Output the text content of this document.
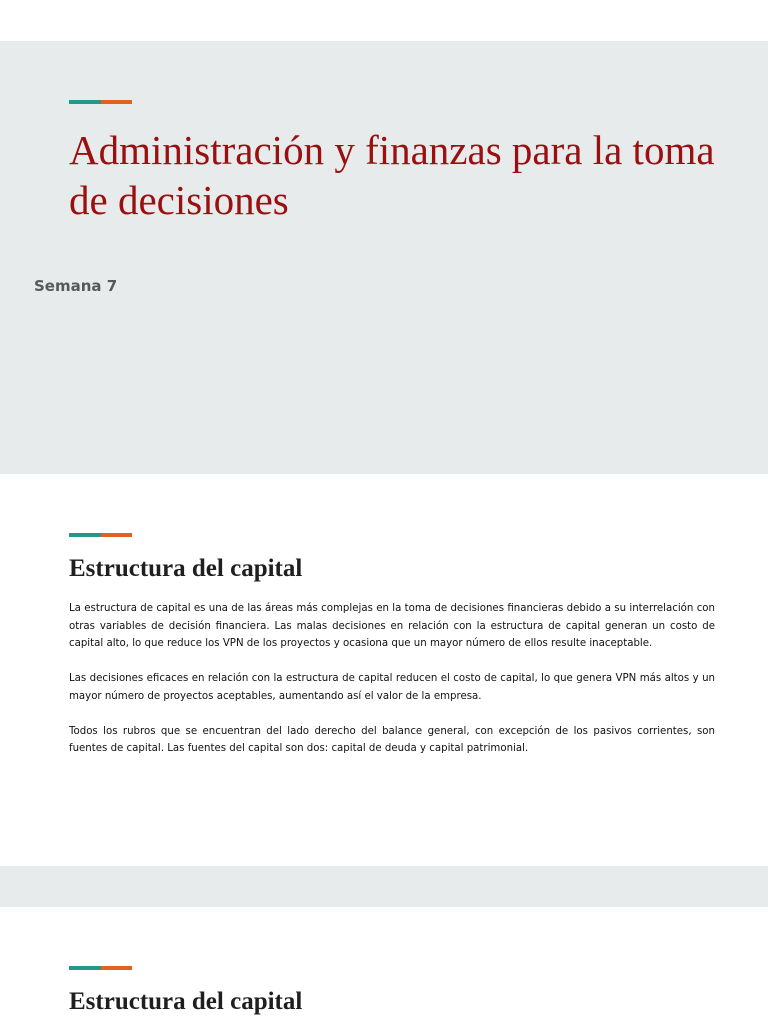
Administración y finanzas para la toma de decisiones

Semana 7

Estructura del capital

La estructura de capital es una de las áreas más complejas en la toma de decisiones financieras debido a su interrelación con otras variables de decisión financiera. Las malas decisiones en relación con la estructura de capital generan un costo de capital alto, lo que reduce los VPN de los proyectos y ocasiona que un mayor número de ellos resulte inaceptable.

Las decisiones eficaces en relación con la estructura de capital reducen el costo de capital, lo que genera VPN más altos y un mayor número de proyectos aceptables, aumentando así el valor de la empresa.

Todos los rubros que se encuentran del lado derecho del balance general, con excepción de los pasivos corrientes, son fuentes de capital. Las fuentes del capital son dos: capital de deuda y capital patrimonial.

Estructura del capital
